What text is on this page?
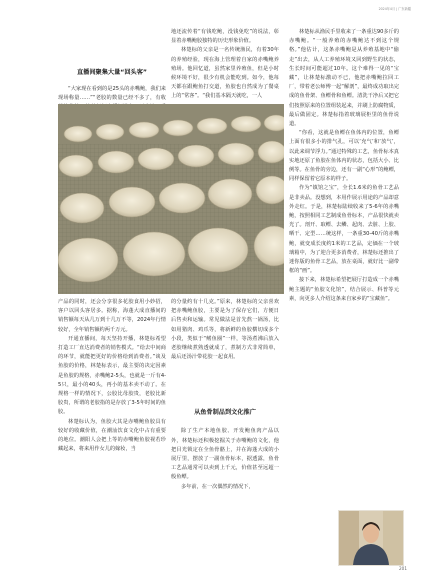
2024年4月 | 广东新疆
直播间聚集大量“回头客”

“大家现在看到的是25头的赤嘴鲍，我们来现场称量……”“老胶的数量已经不多了，有收

地还流传着“有钱吃鲍，没钱免吃”的说法，彰显着赤嘴鲍胶独特的历史形象价值。

林楚标的父亲是一名传统渔民，有着30年的养殖经验，现在海上管理着自家的赤嘴鲍养殖场。他回忆道，虽然家里养殖鱼，但是小时候环境不好，很少有机会能吃到。如今，他每天都在跟鲍鱼打交道，鱼胶也自然成为了餐桌上的“常客”。“我们基本隔天就吃，一人

林楚标从渔民手里收来了一条重达90多斤的赤嘴鲍。“一般养殖的赤嘴鲍达不到这个规格。”他估计，这条赤嘴鲍是从养殖基地中“偷走”出去，从人工养殖环境又回到野生的状态，生长时间可能超过10年。这个难得一见的“宝藏”，让林楚标激动不已，他把赤嘴鲍拉回工厂，带着老公师傅一起“解剖”，最终成功取出完成的鱼骨架、鱼鳔骨和鱼鳔。清洗干净后又把它们按照原来的位置组装起来，并刷上防腐物质，最后做固定。林楚标指着玻璃展柜里的鱼骨说道。

“你看，这就是鱼鳔在鱼体内的位置，鱼鳔上面有很多小的排气孔，可以‘充气’和‘放气’，以此来调节浮力。”通过特殊的工艺，鱼骨标本真实地还原了鱼胶在鱼体内的状态，包括大小、比例等。在鱼骨的旁边，还有一副“心形”的鲍鳔，同样保留着它原本的样子。

作为“镇馆之宝”，全长1.6米的鱼骨工艺品是非卖品。没想到，本用作展示用途的产品却意外走红。于是，林楚标陆续收来了5-6年的赤嘴鲍，按照相同工艺制成鱼骨标本，产品很快就卖光了。剖开、取鳔、去鳞、起肉、去脏、上胶、晒干、定型……统这样，一条重30-40斤的赤嘴鲍，就变成长度约1米的工艺品，定価在一个玻璃箱中，为了迎合更多消费者，林楚标还推出了迷你版的鱼骨工艺品，放在桌面，就好比一副带框的“画”。

接下来，林楚标希望把展厅打造成一个赤嘴鲍主题的“鱼胶文化馆”，结合展示、科普等元素，向更多人介绍这条来自家乡的“宝藏鱼”。

产品的同时，还会分享很多花胶食用小妙招，客户以回头客居多。据称，海蓬大成直播间的销售额每天从几万到十几万不等，2024年行情较好，全年销售额约两千万元。

开通直播间，每天坚持开播，林楚标希望打造工厂直达消费者的销售模式。“给去中间商的环节，就能把更好的价格给到消费者。”谈及鱼胶的价格，林楚标表示，最主要的决定因素是鱼胶的规格，赤嘴鲍2-5头，也就是一斤有4-5只，最小的40头，再小的基本卖不动了。在规格一样的情况下，公胶比母胶贵，老胶比新胶贵，所谓的老胶指的是存放了3-5年时间的鱼胶。

林楚标认为，鱼胶大其是赤嘴鲍鱼胶具有较好的收藏价值，在潮汕饮食文化中占有重要的地位。潮阳人会把上等的赤嘴鲍鱼胶视若珍藏起来，将来用作女儿的嫁妆，当

的分量约有十几克。”原来，林楚标的父亲喜欢把赤嘴鲍鱼胶，主要是为了保存它们，方便日后售卖和运输。常见做法是首先熬一锅汤，比如用猪肉、鸡爪等，将新鲜的鱼胶横切成多个小段，类似于“鳝鱼圈”一样，等汤煮沸后放入老胶继续煮熟透就成了，煮制方式非常简单，最后还汤汁带花胶一起食用。

从鱼骨制品到文化推广

除了生产本地鱼胶、开发鲍鱼肉产品以外，林楚标还积极挖掘关于赤嘴鲍的文化，他把目光锁定在全鱼骨骼上，并在海蓬大成的小展厅里，摆放了一副鱼骨标本，据透露，鱼骨工艺品通常可以卖到上千元，价值甚至远超一般鱼鳔。

多年前，在一次偶然的情况下，

201
